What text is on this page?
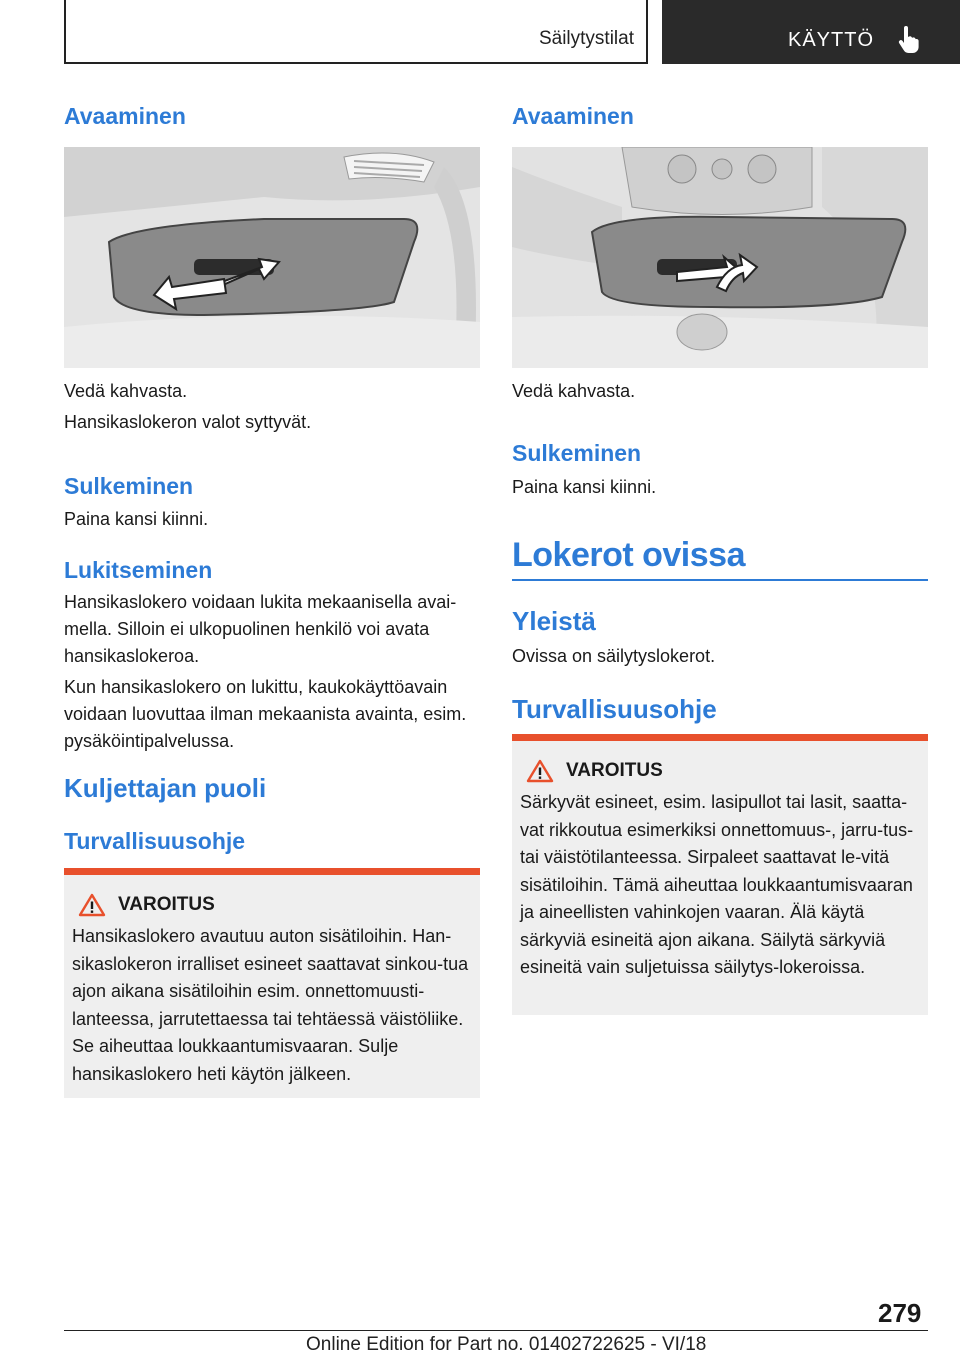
Säilytystilat	KÄYTTÖ
Avaaminen

Vedä kahvasta.

Hansikaslokeron valot syttyvät.

Sulkeminen

Paina kansi kiinni.

Lukitseminen

Hansikaslokero voidaan lukita mekaanisella avai-mella. Silloin ei ulkopuolinen henkilö voi avata hansikaslokeroa.

Kun hansikaslokero on lukittu, kaukokäyttöavain voidaan luovuttaa ilman mekaanista avainta, esim. pysäköintipalvelussa.

Kuljettajan puoli
Turvallisuusohje
VAROITUS

Hansikaslokero avautuu auton sisätiloihin. Han-sikaslokeron irralliset esineet saattavat sinkou-tua ajon aikana sisätiloihin esim. onnettomuusti-lanteessa, jarrutettaessa tai tehtäessä väistöliike. Se aiheuttaa loukkaantumisvaaran. Sulje hansikaslokero heti käytön jälkeen.

Avaaminen

Vedä kahvasta.

Sulkeminen

Paina kansi kiinni.

Lokerot ovissa
Yleistä

Ovissa on säilytyslokerot.

Turvallisuusohje
VAROITUS

Särkyvät esineet, esim. lasipullot tai lasit, saatta-vat rikkoutua esimerkiksi onnettomuus-, jarru-tus- tai väistötilanteessa. Sirpaleet saattavat le-vitä sisätiloihin. Tämä aiheuttaa loukkaantumisvaaran ja aineellisten vahinkojen vaaran. Älä käytä särkyviä esineitä ajon aikana. Säilytä särkyviä esineitä vain suljetuissa säilytys-lokeroissa.

279
Online Edition for Part no. 01402722625 - VI/18
